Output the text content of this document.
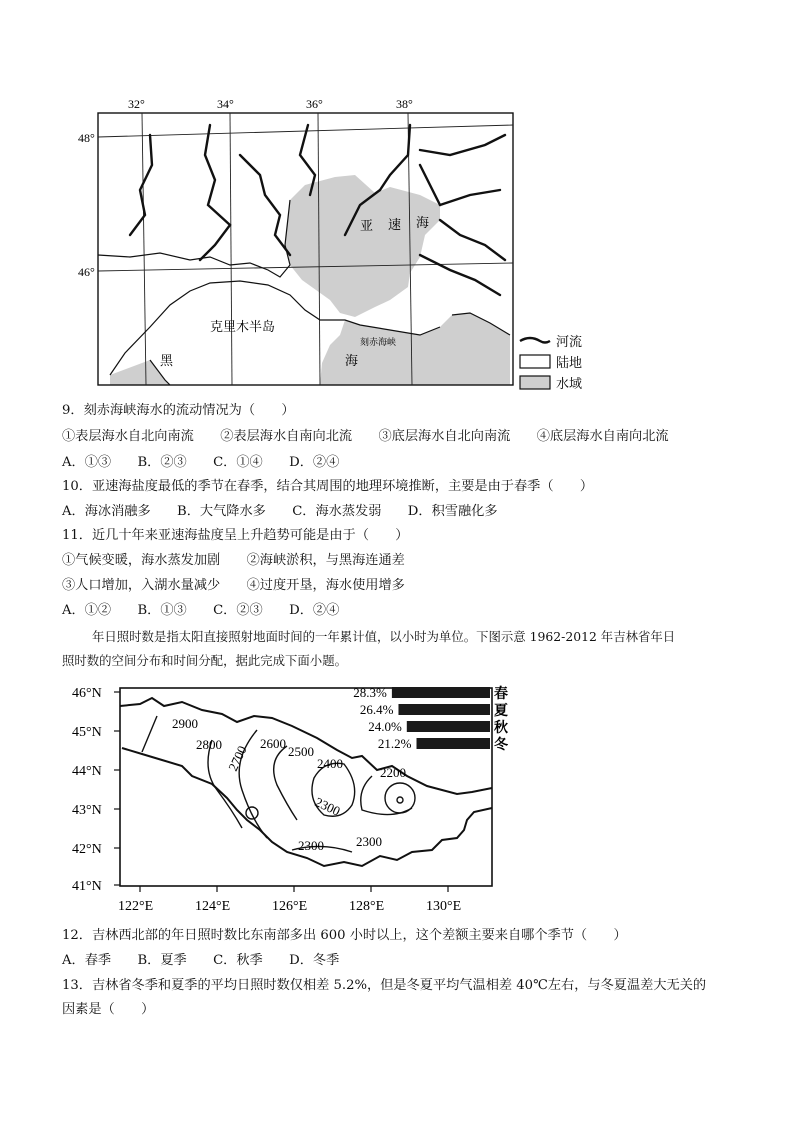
亚 速 海
克里木半岛
黑	海
刻赤海峡
32°	34°	36°	38°
48°
46°
河流
陆地
水域
9．刻赤海峡海水的流动情况为（　　）
①表层海水自北向南流　　②表层海水自南向北流　　③底层海水自北向南流　　④底层海水自南向北流
A．①③　　B．②③　　C．①④　　D．②④
10．亚速海盐度最低的季节在春季，结合其周围的地理环境推断，主要是由于春季（　　）
A．海冰消融多　　B．大气降水多　　C．海水蒸发弱　　D．积雪融化多
11．近几十年来亚速海盐度呈上升趋势可能是由于（　　）
①气候变暖，海水蒸发加剧　　②海峡淤积，与黑海连通差
③人口增加，入湖水量减少　　④过度开垦，海水使用增多
A．①②　　B．①③　　C．②③　　D．②④
年日照时数是指太阳直接照射地面时间的一年累计值，以小时为单位。下图示意 1962-2012 年吉林省年日
照时数的空间分布和时间分配，据此完成下面小题。
46°N
45°N
44°N
43°N
42°N
41°N
122°E	124°E	126°E	128°E	130°E
2900
2800 2700 2600
2500
2400
2300
2200
2300 2300
28.3%	春
26.4%	夏
24.0%	秋
21.2%	冬
12．吉林西北部的年日照时数比东南部多出 600 小时以上，这个差额主要来自哪个季节（　　）
A．春季　　B．夏季　　C．秋季　　D．冬季
13．吉林省冬季和夏季的平均日照时数仅相差 5.2%，但是冬夏平均气温相差 40℃左右，与冬夏温差大无关的
因素是（　　）
